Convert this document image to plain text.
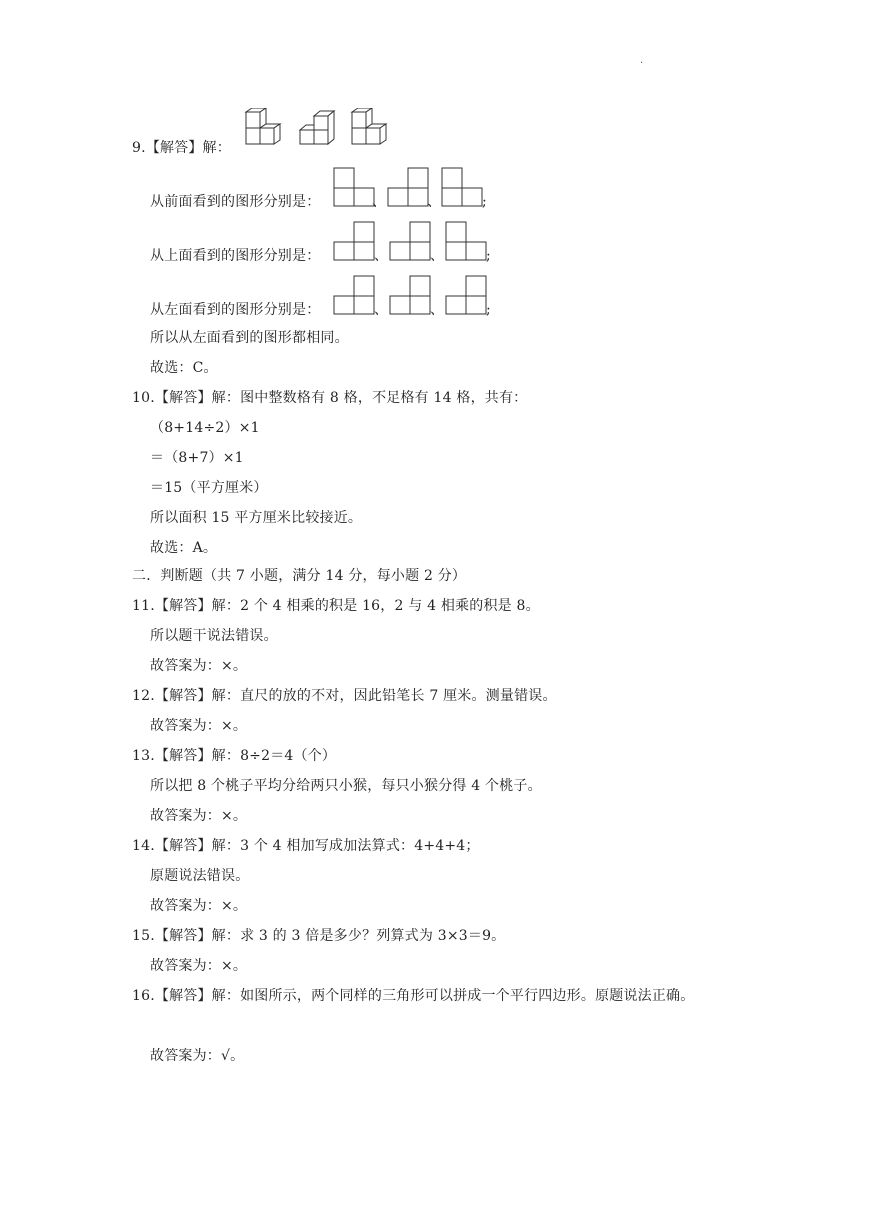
·
9.【解答】解：
从前面看到的图形分别是：	、	、	;
从上面看到的图形分别是：	、	、	;
从左面看到的图形分别是：	、	、	;
所以从左面看到的图形都相同。
故选：C。
10.【解答】解：图中整数格有 8 格，不足格有 14 格，共有：
（8+14÷2）×1
＝（8+7）×1
＝15（平方厘米）
所以面积 15 平方厘米比较接近。
故选：A。
二．判断题（共 7 小题，满分 14 分，每小题 2 分）
11.【解答】解：2 个 4 相乘的积是 16，2 与 4 相乘的积是 8。
所以题干说法错误。
故答案为：×。
12.【解答】解：直尺的放的不对，因此铅笔长 7 厘米。测量错误。
故答案为：×。
13.【解答】解：8÷2＝4（个）
所以把 8 个桃子平均分给两只小猴，每只小猴分得 4 个桃子。
故答案为：×。
14.【解答】解：3 个 4 相加写成加法算式：4+4+4；
原题说法错误。
故答案为：×。
15.【解答】解：求 3 的 3 倍是多少？列算式为 3×3＝9。
故答案为：×。
16.【解答】解：如图所示，两个同样的三角形可以拼成一个平行四边形。原题说法正确。
故答案为：√。
